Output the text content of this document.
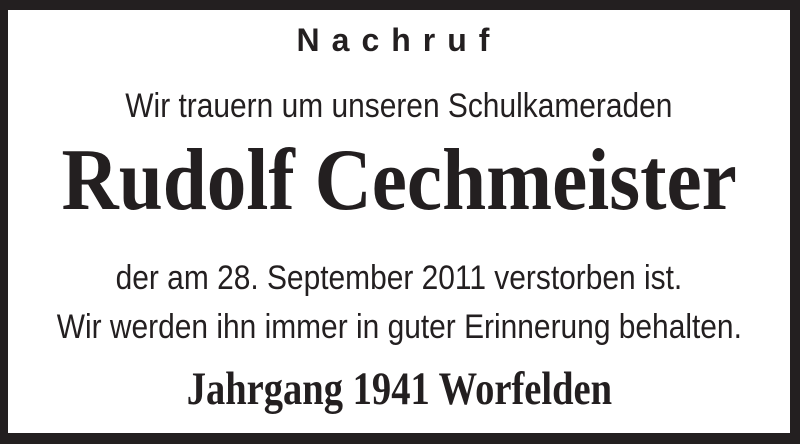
Nachruf
Wir trauern um unseren Schulkameraden
Rudolf Cechmeister
der am 28. September 2011 verstorben ist.
Wir werden ihn immer in guter Erinnerung behalten.
Jahrgang 1941 Worfelden
